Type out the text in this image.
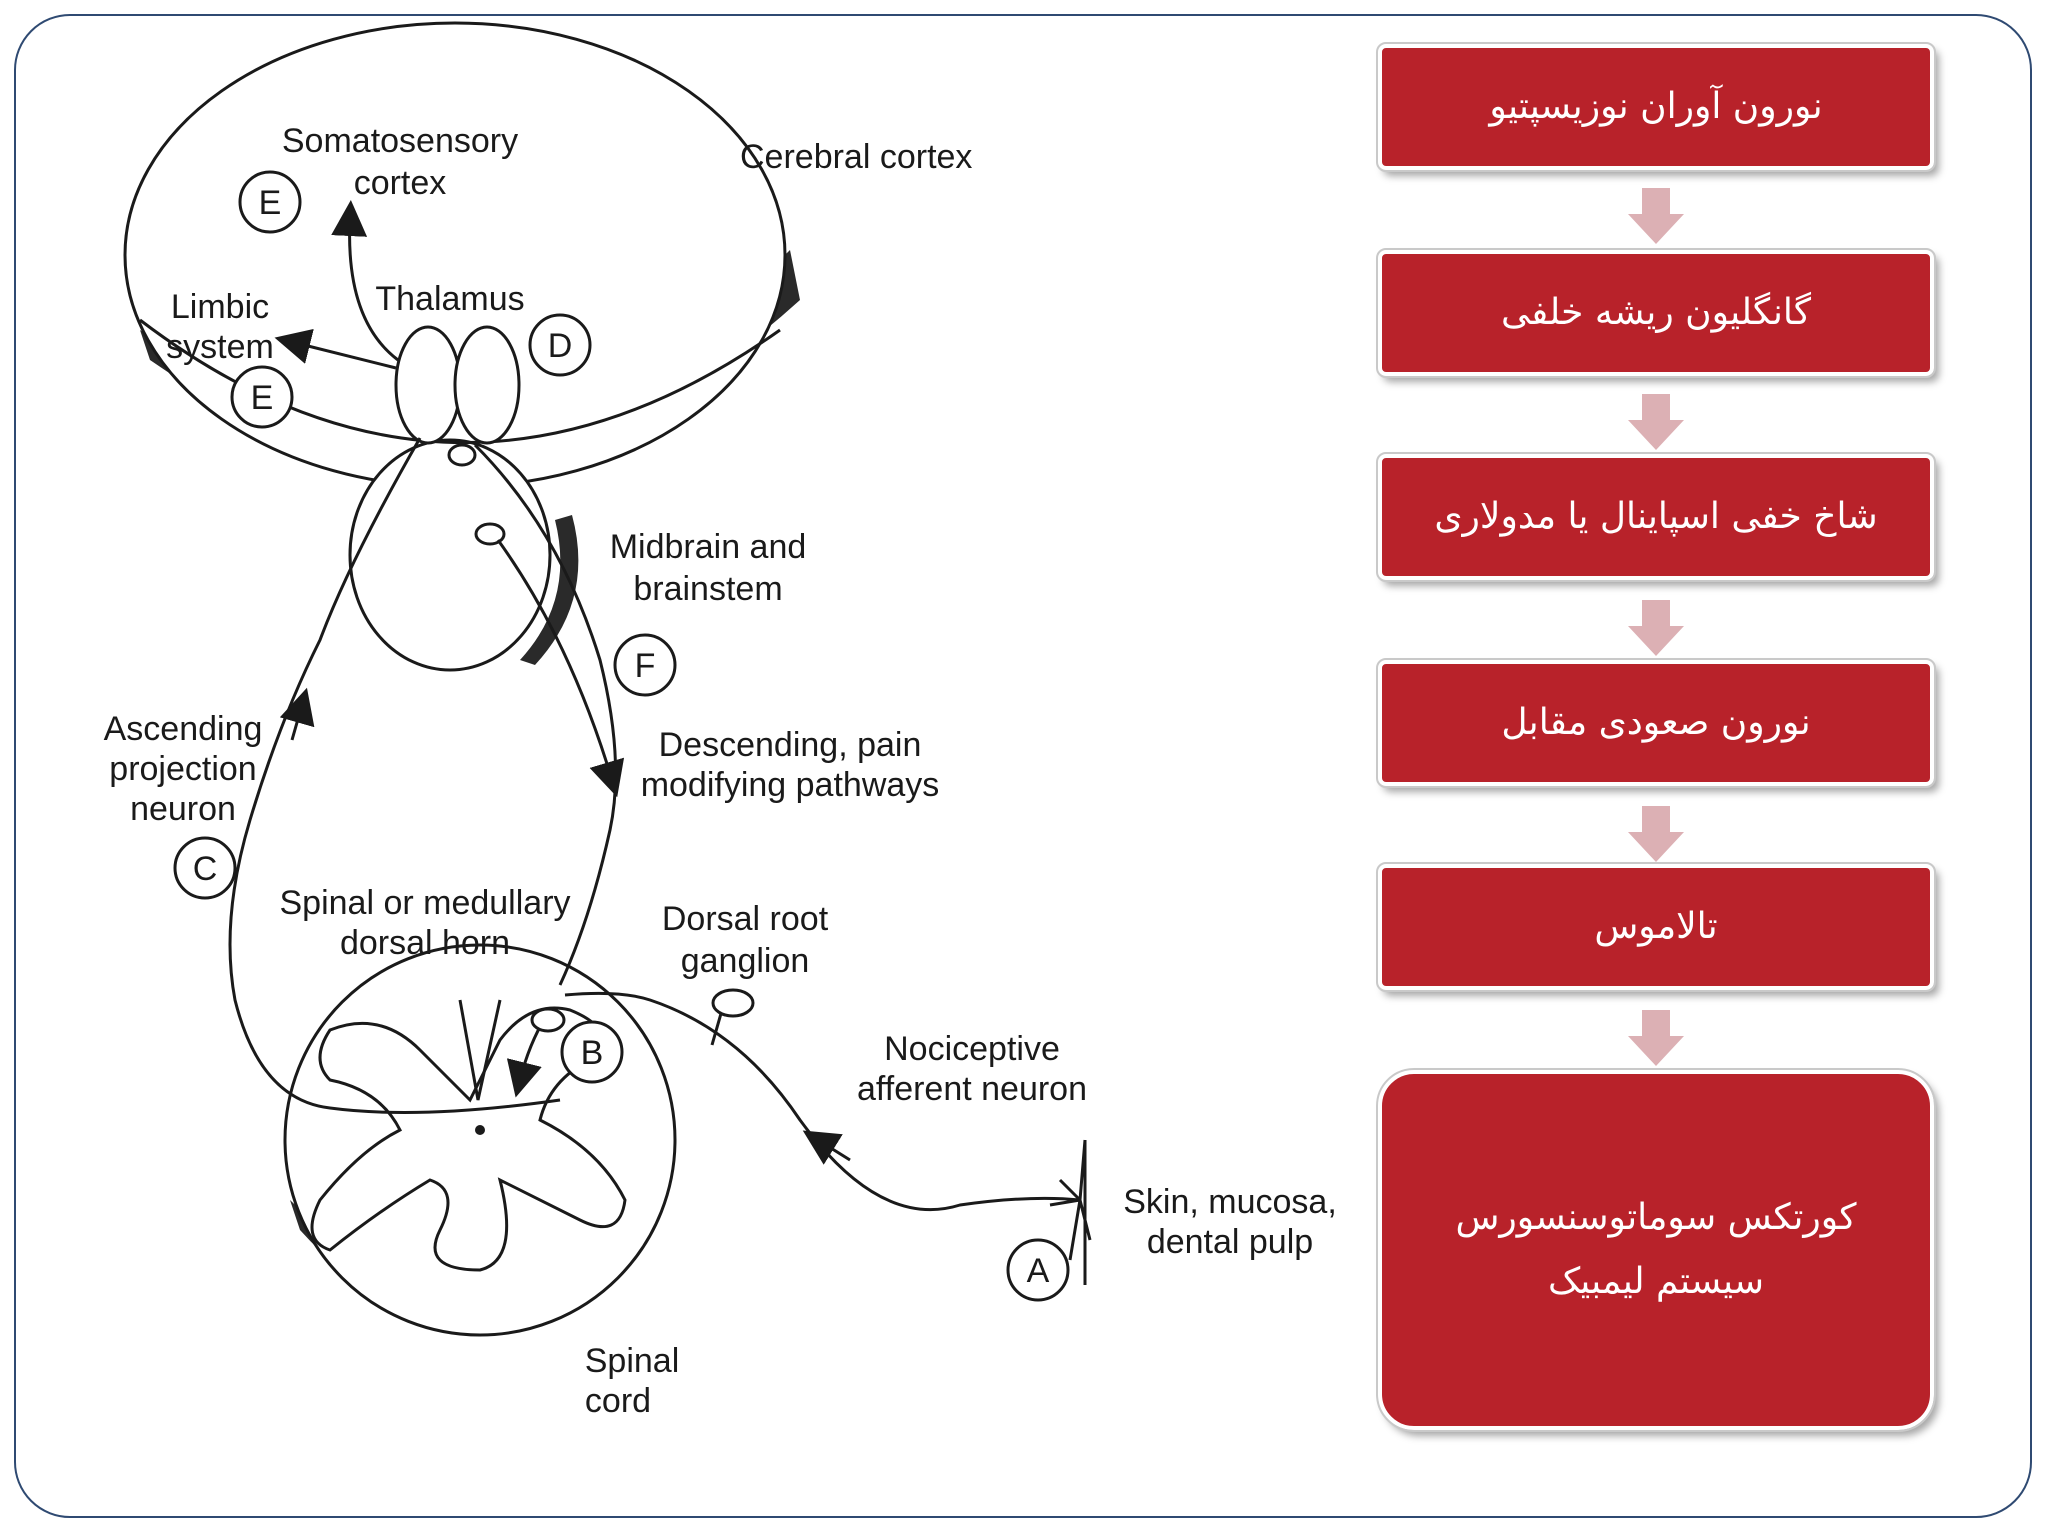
E
E
D
F
C
B
A
Somatosensory
cortex
Cerebral cortex
Thalamus
Limbic
system
Midbrain and
brainstem
Ascending
projection
neuron
Descending, pain
modifying pathways
Spinal or medullary
dorsal horn
Dorsal root
ganglion
Nociceptive
afferent neuron
Skin, mucosa,
dental pulp
Spinal
cord
نورون آوران نوزیسپتیو
گانگلیون ریشه خلفی
شاخ خفی اسپاینال یا مدولاری
نورون صعودی مقابل
تالاموس
کورتکس سوماتوسنسورس
سیستم لیمبیک
